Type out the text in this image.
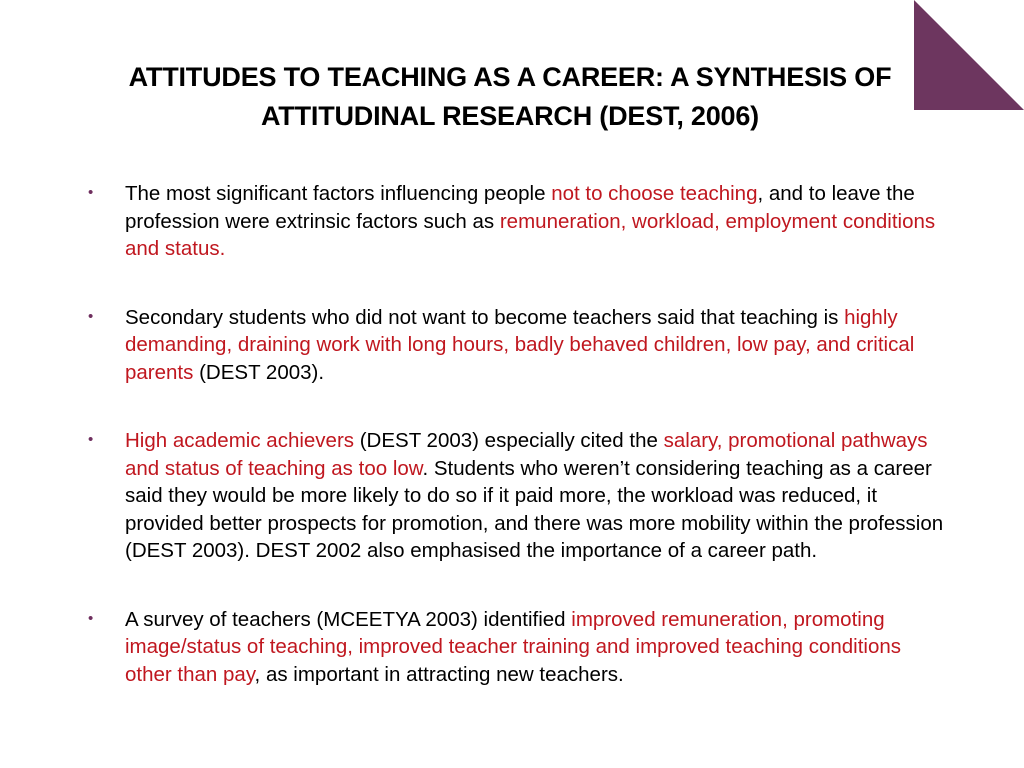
ATTITUDES TO TEACHING AS A CAREER: A SYNTHESIS OF
ATTITUDINAL RESEARCH (DEST, 2006)
•	The most significant factors influencing people not to choose teaching, and to leave the profession were extrinsic factors such as remuneration, workload, employment conditions and status.
•	Secondary students who did not want to become teachers said that teaching is highly demanding, draining work with long hours, badly behaved children, low pay, and critical parents (DEST 2003).
•	High academic achievers (DEST 2003) especially cited the salary, promotional pathways and status of teaching as too low. Students who weren’t considering teaching as a career said they would be more likely to do so if it paid more, the workload was reduced, it provided better prospects for promotion, and there was more mobility within the profession (DEST 2003). DEST 2002 also emphasised the importance of a career path.
•	A survey of teachers (MCEETYA 2003) identified improved remuneration, promoting image/status of teaching, improved teacher training and improved teaching conditions other than pay, as important in attracting new teachers.
